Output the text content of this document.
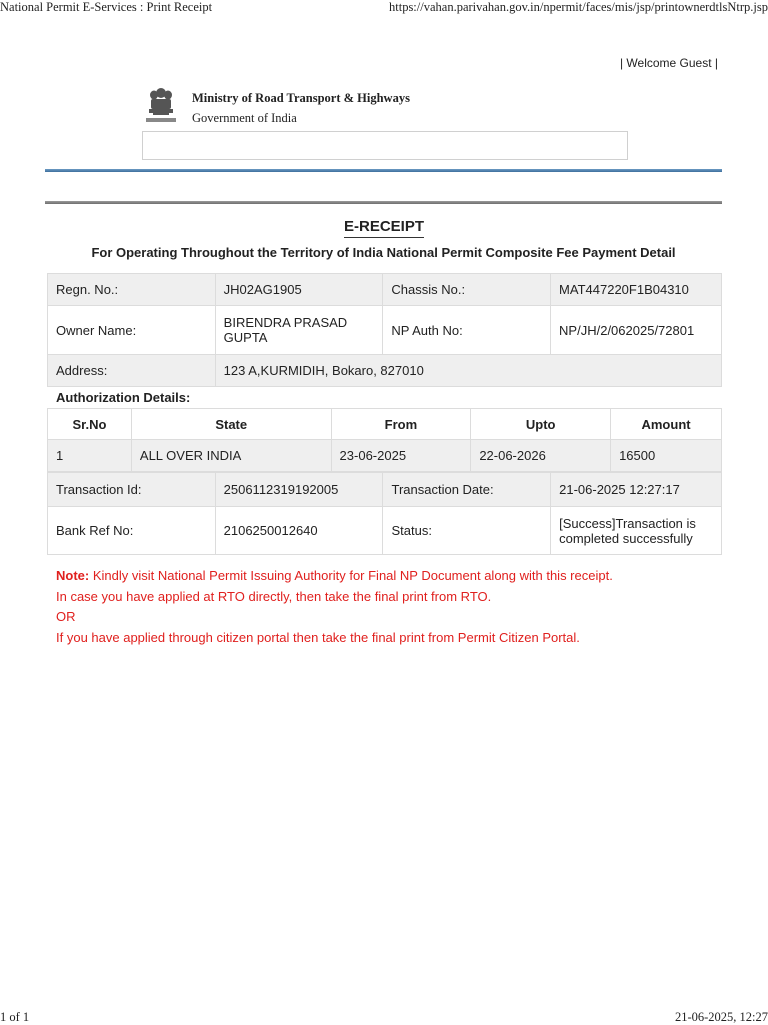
National Permit E-Services : Print Receipt	https://vahan.parivahan.gov.in/npermit/faces/mis/jsp/printownerdtlsNtrp.jsp
| Welcome Guest |
Ministry of Road Transport & Highways
Government of India
E-RECEIPT
For Operating Throughout the Territory of India National Permit Composite Fee Payment Detail
Regn. No.:	JH02AG1905	Chassis No.:	MAT447220F1B04310
Owner Name:	BIRENDRA PRASAD GUPTA	NP Auth No:	NP/JH/2/062025/72801
Address:	123 A,KURMIDIH, Bokaro, 827010		
Authorization Details:
Sr.No	State	From	Upto	Amount
1	ALL OVER INDIA	23-06-2025	22-06-2026	16500
Transaction Id:	2506112319192005	Transaction Date:	21-06-2025 12:27:17
Bank Ref No:	2106250012640	Status:	[Success]Transaction is completed successfully
Note: Kindly visit National Permit Issuing Authority for Final NP Document along with this receipt.
In case you have applied at RTO directly, then take the final print from RTO.
OR
If you have applied through citizen portal then take the final print from Permit Citizen Portal.
1 of 1	21-06-2025, 12:27
